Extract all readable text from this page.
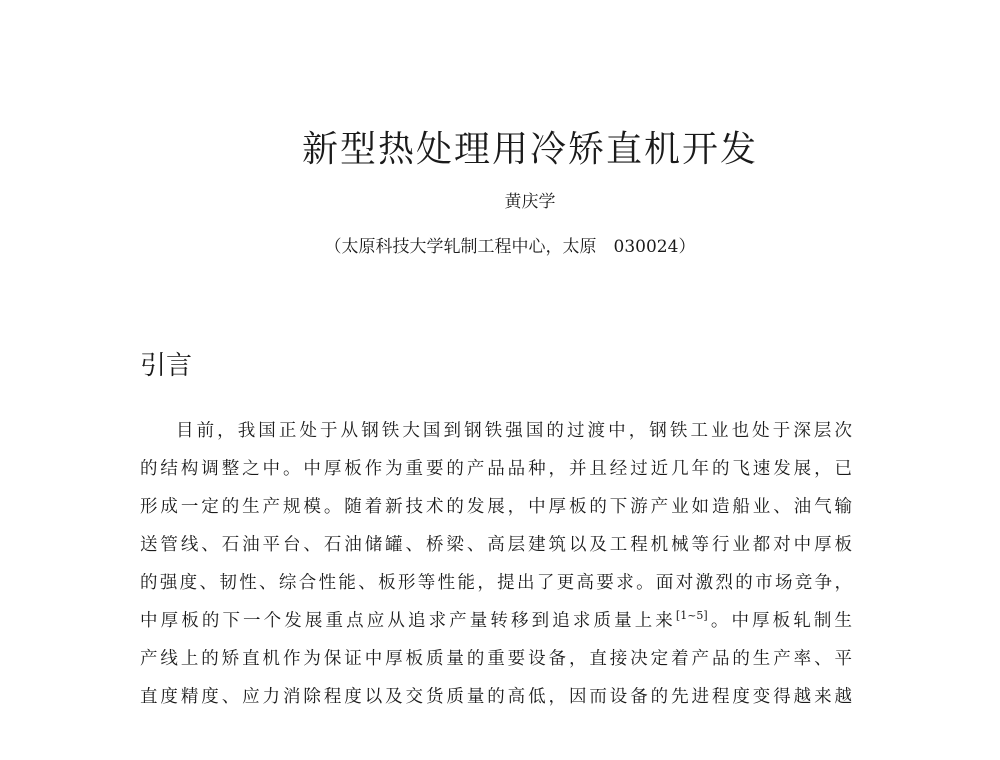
新型热处理用冷矫直机开发
黄庆学
（太原科技大学轧制工程中心，太原　030024）
引言
目前，我国正处于从钢铁大国到钢铁强国的过渡中，钢铁工业也处于深层次
的结构调整之中。中厚板作为重要的产品品种，并且经过近几年的飞速发展，已
形成一定的生产规模。随着新技术的发展，中厚板的下游产业如造船业、油气输
送管线、石油平台、石油储罐、桥梁、高层建筑以及工程机械等行业都对中厚板
的强度、韧性、综合性能、板形等性能，提出了更高要求。面对激烈的市场竞争，
中厚板的下一个发展重点应从追求产量转移到追求质量上来[1~5]。中厚板轧制生
产线上的矫直机作为保证中厚板质量的重要设备，直接决定着产品的生产率、平
直度精度、应力消除程度以及交货质量的高低，因而设备的先进程度变得越来越
